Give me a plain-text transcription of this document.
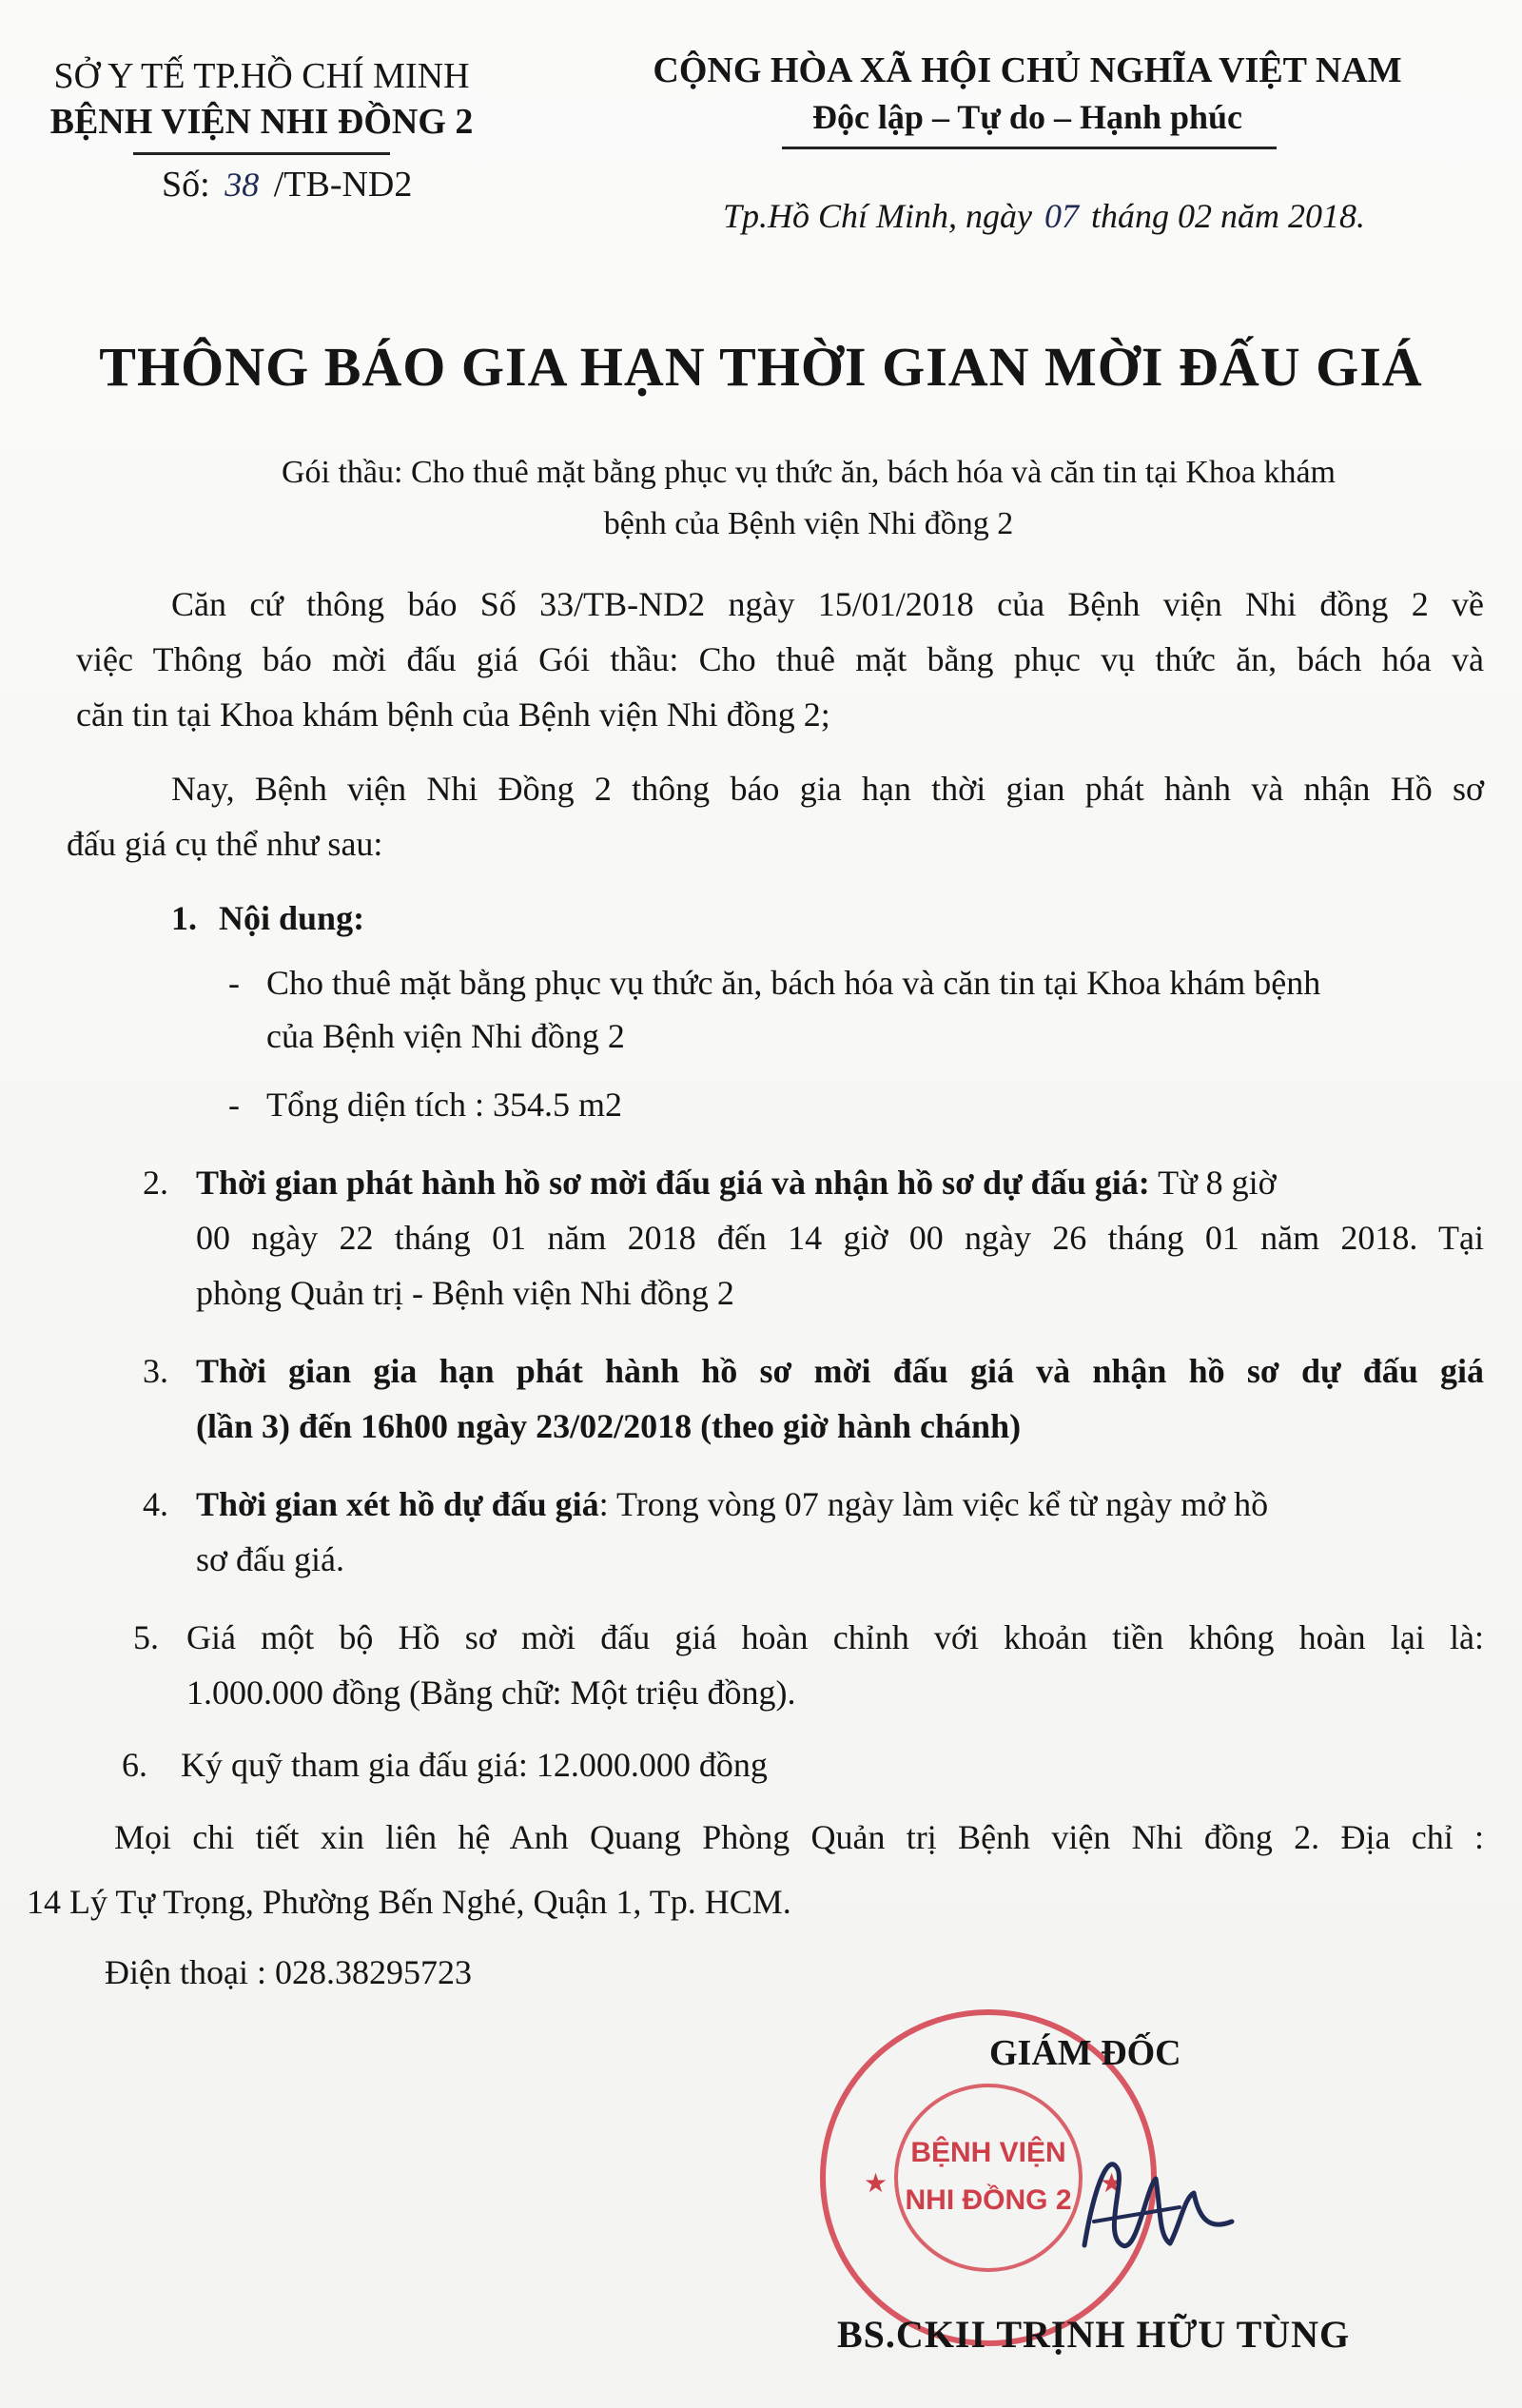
SỞ Y TẾ TP.HỒ CHÍ MINH
BỆNH VIỆN NHI ĐỒNG 2
Số: 38 /TB-ND2
CỘNG HÒA XÃ HỘI CHỦ NGHĨA VIỆT NAM
Độc lập – Tự do – Hạnh phúc
Tp.Hồ Chí Minh, ngày 07 tháng 02 năm 2018.
THÔNG BÁO GIA HẠN THỜI GIAN MỜI ĐẤU GIÁ
Gói thầu: Cho thuê mặt bằng phục vụ thức ăn, bách hóa và căn tin tại Khoa khám
bệnh của Bệnh viện Nhi đồng 2
Căn cứ thông báo Số 33/TB-ND2 ngày 15/01/2018 của Bệnh viện Nhi đồng 2 về
việc Thông báo mời đấu giá Gói thầu: Cho thuê mặt bằng phục vụ thức ăn, bách hóa và
căn tin tại Khoa khám bệnh của Bệnh viện Nhi đồng 2;
Nay, Bệnh viện Nhi Đồng 2 thông báo gia hạn thời gian phát hành và nhận Hồ sơ
đấu giá cụ thể như sau:
1. Nội dung:
- Cho thuê mặt bằng phục vụ thức ăn, bách hóa và căn tin tại Khoa khám bệnh
của Bệnh viện Nhi đồng 2
- Tổng diện tích : 354.5 m2
2. Thời gian phát hành hồ sơ mời đấu giá và nhận hồ sơ dự đấu giá: Từ 8 giờ
00 ngày 22 tháng 01 năm 2018 đến 14 giờ 00 ngày 26 tháng 01 năm 2018. Tại
phòng Quản trị - Bệnh viện Nhi đồng 2
3. Thời gian gia hạn phát hành hồ sơ mời đấu giá và nhận hồ sơ dự đấu giá
(lần 3) đến 16h00 ngày 23/02/2018 (theo giờ hành chánh)
4. Thời gian xét hồ dự đấu giá: Trong vòng 07 ngày làm việc kể từ ngày mở hồ
sơ đấu giá.
5. Giá một bộ Hồ sơ mời đấu giá hoàn chỉnh với khoản tiền không hoàn lại là:
1.000.000 đồng (Bằng chữ: Một triệu đồng).
6. Ký quỹ tham gia đấu giá: 12.000.000 đồng
Mọi chi tiết xin liên hệ Anh Quang Phòng Quản trị Bệnh viện Nhi đồng 2. Địa chỉ :
14 Lý Tự Trọng, Phường Bến Nghé, Quận 1, Tp. HCM.
Điện thoại : 028.38295723
BỆNH VIỆN
NHI ĐỒNG 2
★	★
GIÁM ĐỐC
BS.CKII TRỊNH HỮU TÙNG
